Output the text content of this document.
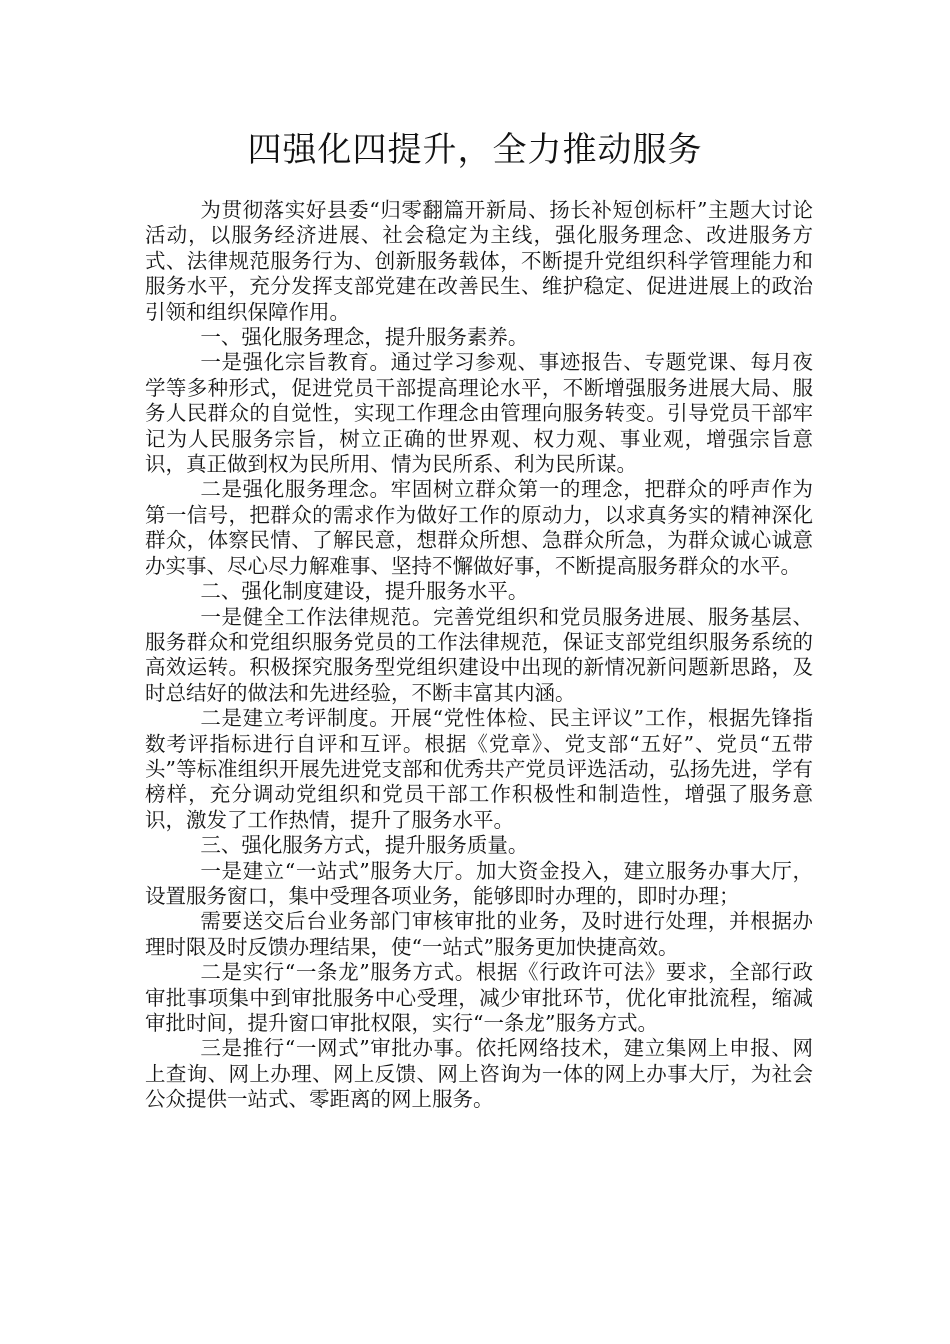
四强化四提升，全力推动服务

为贯彻落实好县委“归零翻篇开新局、扬长补短创标杆”主题大讨论活动，以服务经济进展、社会稳定为主线，强化服务理念、改进服务方式、法律规范服务行为、创新服务载体，不断提升党组织科学管理能力和服务水平，充分发挥支部党建在改善民生、维护稳定、促进进展上的政治引领和组织保障作用。

一、强化服务理念，提升服务素养。

一是强化宗旨教育。通过学习参观、事迹报告、专题党课、每月夜学等多种形式，促进党员干部提高理论水平，不断增强服务进展大局、服务人民群众的自觉性，实现工作理念由管理向服务转变。引导党员干部牢记为人民服务宗旨，树立正确的世界观、权力观、事业观，增强宗旨意识，真正做到权为民所用、情为民所系、利为民所谋。

二是强化服务理念。牢固树立群众第一的理念，把群众的呼声作为第一信号，把群众的需求作为做好工作的原动力，以求真务实的精神深化群众，体察民情、了解民意，想群众所想、急群众所急，为群众诚心诚意办实事、尽心尽力解难事、坚持不懈做好事，不断提高服务群众的水平。

二、强化制度建设，提升服务水平。

一是健全工作法律规范。完善党组织和党员服务进展、服务基层、服务群众和党组织服务党员的工作法律规范，保证支部党组织服务系统的高效运转。积极探究服务型党组织建设中出现的新情况新问题新思路，及时总结好的做法和先进经验，不断丰富其内涵。

二是建立考评制度。开展“党性体检、民主评议”工作，根据先锋指数考评指标进行自评和互评。根据《党章》、党支部“五好”、党员“五带头”等标准组织开展先进党支部和优秀共产党员评选活动，弘扬先进，学有榜样，充分调动党组织和党员干部工作积极性和制造性，增强了服务意识，激发了工作热情，提升了服务水平。

三、强化服务方式，提升服务质量。

一是建立“一站式”服务大厅。加大资金投入，建立服务办事大厅，设置服务窗口，集中受理各项业务，能够即时办理的，即时办理；

需要送交后台业务部门审核审批的业务，及时进行处理，并根据办理时限及时反馈办理结果，使“一站式”服务更加快捷高效。

二是实行“一条龙”服务方式。根据《行政许可法》要求，全部行政审批事项集中到审批服务中心受理，减少审批环节，优化审批流程，缩减审批时间，提升窗口审批权限，实行“一条龙”服务方式。

三是推行“一网式”审批办事。依托网络技术，建立集网上申报、网上查询、网上办理、网上反馈、网上咨询为一体的网上办事大厅，为社会公众提供一站式、零距离的网上服务。
